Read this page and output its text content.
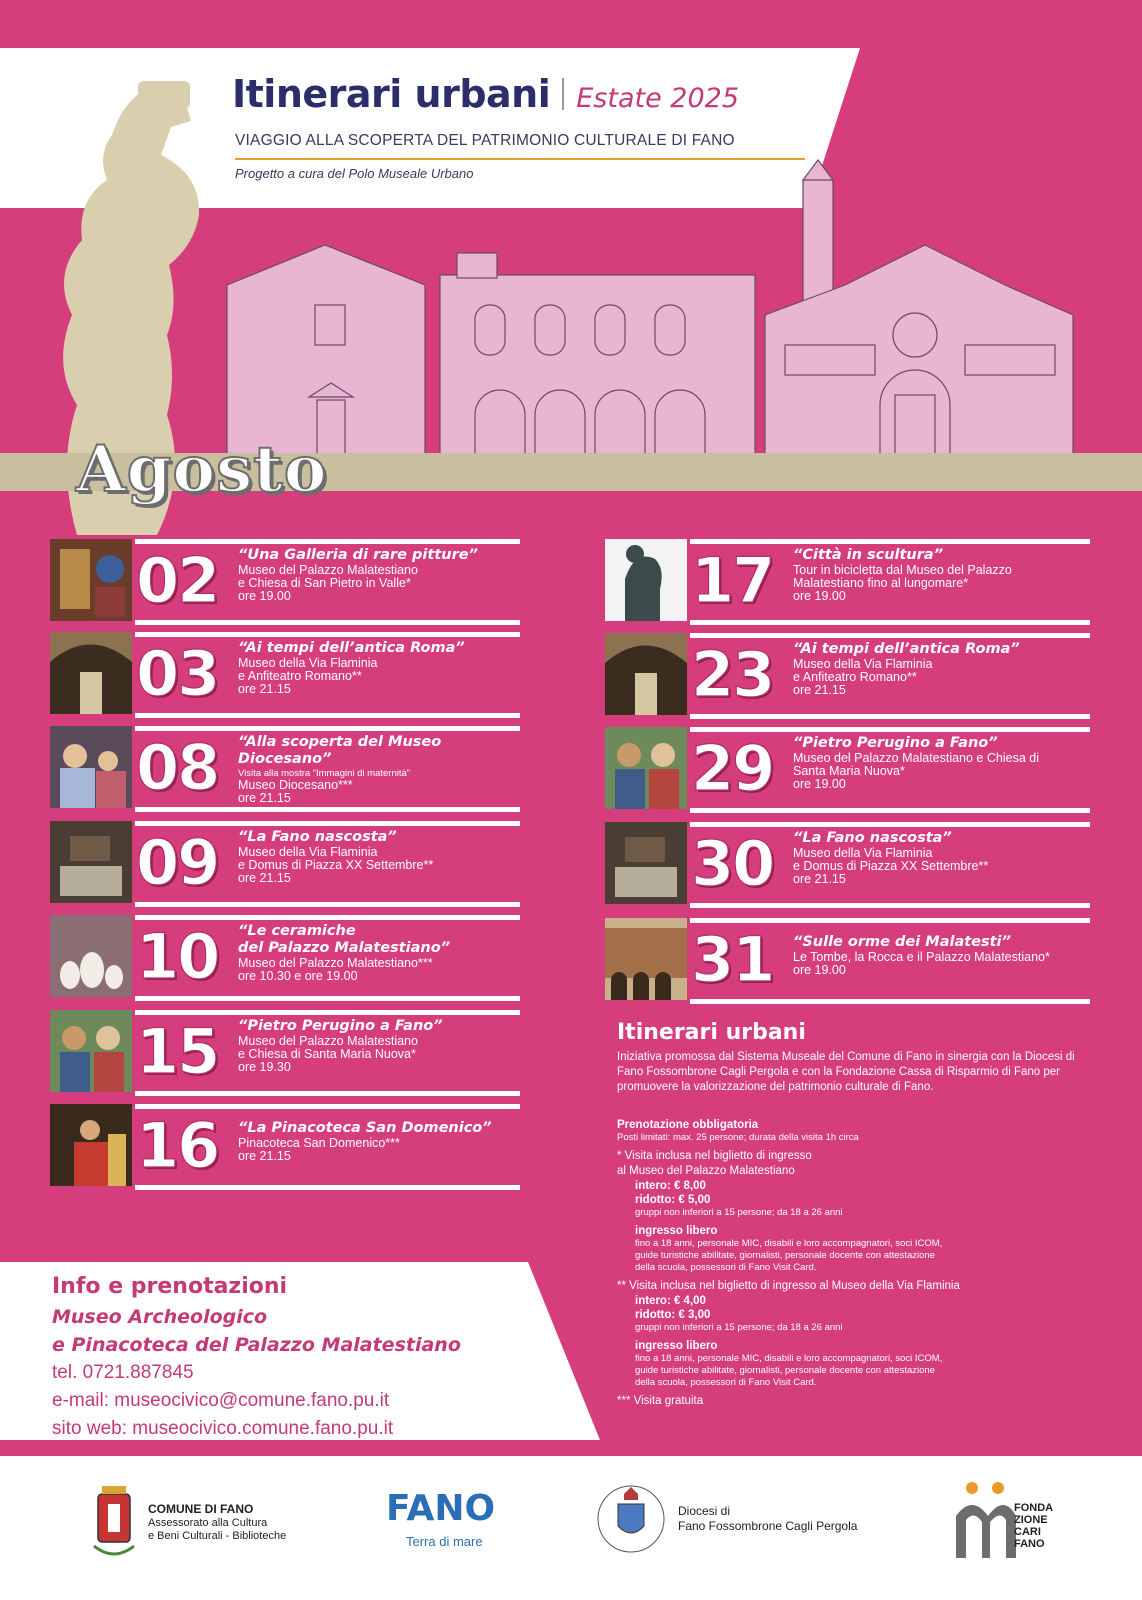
Itinerari urbani Estate 2025
VIAGGIO ALLA SCOPERTA DEL PATRIMONIO CULTURALE DI FANO
Progetto a cura del Polo Museale Urbano
Agosto
02 “Una Galleria di rare pitture”
Museo del Palazzo Malatestiano
e Chiesa di San Pietro in Valle*
ore 19.00
03 “Ai tempi dell’antica Roma”
Museo della Via Flaminia
e Anfiteatro Romano**
ore 21.15
08 “Alla scoperta del Museo Diocesano”
Visita alla mostra “Immagini di maternità”
Museo Diocesano***
ore 21.15
09 “La Fano nascosta”
Museo della Via Flaminia
e Domus di Piazza XX Settembre**
ore 21.15
10 “Le ceramiche
del Palazzo Malatestiano”
Museo del Palazzo Malatestiano***
ore 10.30 e ore 19.00
15 “Pietro Perugino a Fano”
Museo del Palazzo Malatestiano
e Chiesa di Santa Maria Nuova*
ore 19.30
16 “La Pinacoteca San Domenico”
Pinacoteca San Domenico***
ore 21.15
17 “Città in scultura”
Tour in bicicletta dal Museo del Palazzo
Malatestiano fino al lungomare*
ore 19.00
23 “Ai tempi dell’antica Roma”
Museo della Via Flaminia
e Anfiteatro Romano**
ore 21.15
29 “Pietro Perugino a Fano”
Museo del Palazzo Malatestiano e Chiesa di
Santa Maria Nuova*
ore 19.00
30 “La Fano nascosta”
Museo della Via Flaminia
e Domus di Piazza XX Settembre**
ore 21.15
31 “Sulle orme dei Malatesti”
Le Tombe, la Rocca e il Palazzo Malatestiano*
ore 19.00
Itinerari urbani
Iniziativa promossa dal Sistema Museale del Comune di Fano in sinergia con la Diocesi di Fano Fossombrone Cagli Pergola e con la Fondazione Cassa di Risparmio di Fano per promuovere la valorizzazione del patrimonio culturale di Fano.
Prenotazione obbligatoria
Posti limitati: max. 25 persone; durata della visita 1h circa
* Visita inclusa nel biglietto di ingresso
al Museo del Palazzo Malatestiano
intero: € 8,00
ridotto: € 5,00
gruppi non inferiori a 15 persone; da 18 a 26 anni
ingresso libero
fino a 18 anni, personale MIC, disabili e loro accompagnatori, soci ICOM,
guide turistiche abilitate, giornalisti, personale docente con attestazione
della scuola, possessori di Fano Visit Card.
** Visita inclusa nel biglietto di ingresso al Museo della Via Flaminia
intero: € 4,00
ridotto: € 3,00
gruppi non inferiori a 15 persone; da 18 a 26 anni
ingresso libero
fino a 18 anni, personale MIC, disabili e loro accompagnatori, soci ICOM,
guide turistiche abilitate, giornalisti, personale docente con attestazione
della scuola, possessori di Fano Visit Card.
*** Visita gratuita
Info e prenotazioni
Museo Archeologico
e Pinacoteca del Palazzo Malatestiano
tel. 0721.887845
e-mail: museocivico@comune.fano.pu.it
sito web: museocivico.comune.fano.pu.it
COMUNE DI FANO
Assessorato alla Cultura
e Beni Culturali - Biblioteche
FANO
Terra di mare
Diocesi di
Fano Fossombrone Cagli Pergola
FONDA
ZIONE
CARI
FANO
